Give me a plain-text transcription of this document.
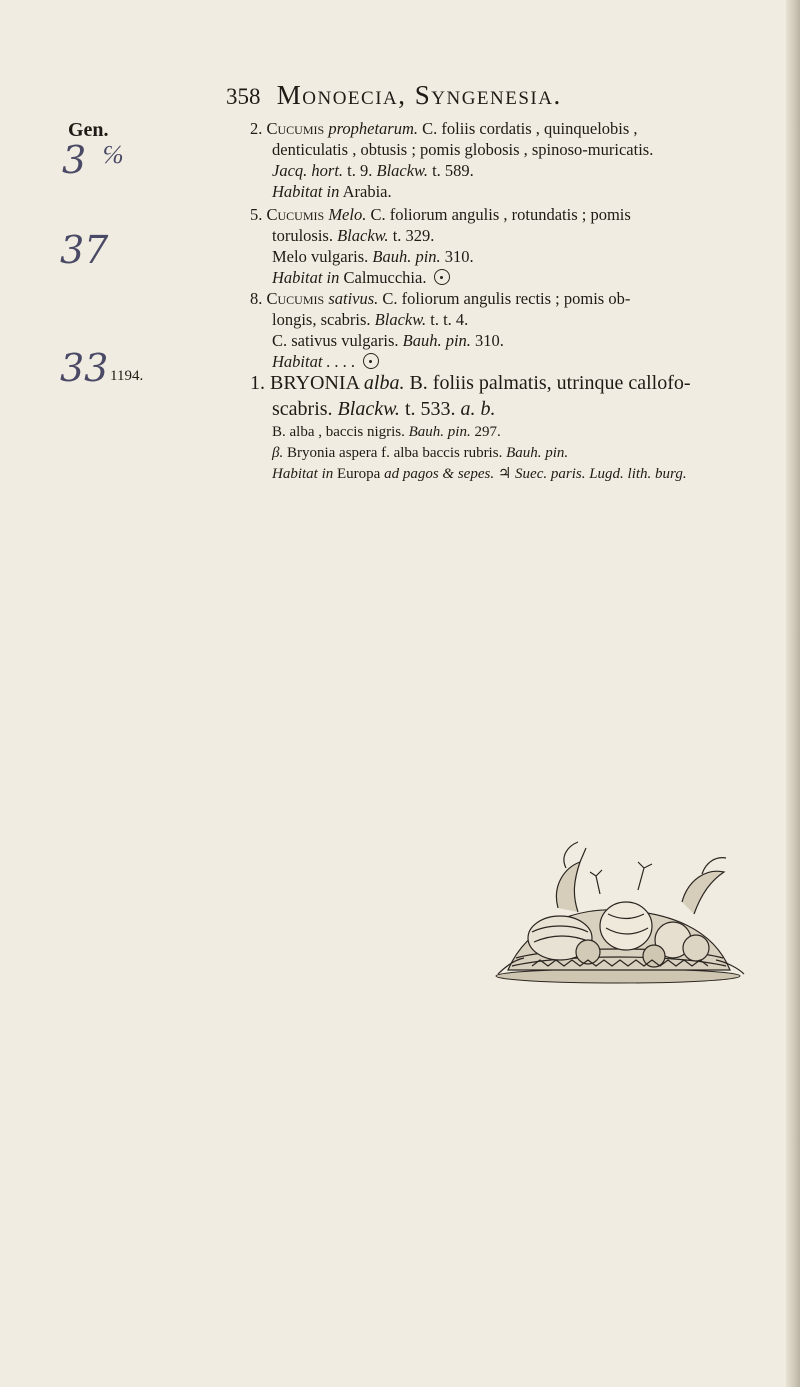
358 Monoecia, Syngenesia.
Gen.
3 ℅
37
33 1194.
2. Cucumis prophetarum. C. foliis cordatis , quinquelobis ,
denticulatis , obtusis ; pomis globosis , spinoso-muricatis.
Jacq. hort. t. 9. Blackw. t. 589.
Habitat in Arabia.
5. Cucumis Melo. C. foliorum angulis , rotundatis ; pomis
torulosis. Blackw. t. 329.
Melo vulgaris. Bauh. pin. 310.
Habitat in Calmucchia.
8. Cucumis sativus. C. foliorum angulis rectis ; pomis ob-
longis, scabris. Blackw. t. t. 4.
C. sativus vulgaris. Bauh. pin. 310.
Habitat . . . .
1. BRYONIA alba. B. foliis palmatis, utrinque callofo-
scabris. Blackw. t. 533. a. b.
B. alba , baccis nigris. Bauh. pin. 297.
β. Bryonia aspera f. alba baccis rubris. Bauh. pin.
Habitat in Europa ad pagos & sepes. ♃ Suec. paris. Lugd. lith. burg.
